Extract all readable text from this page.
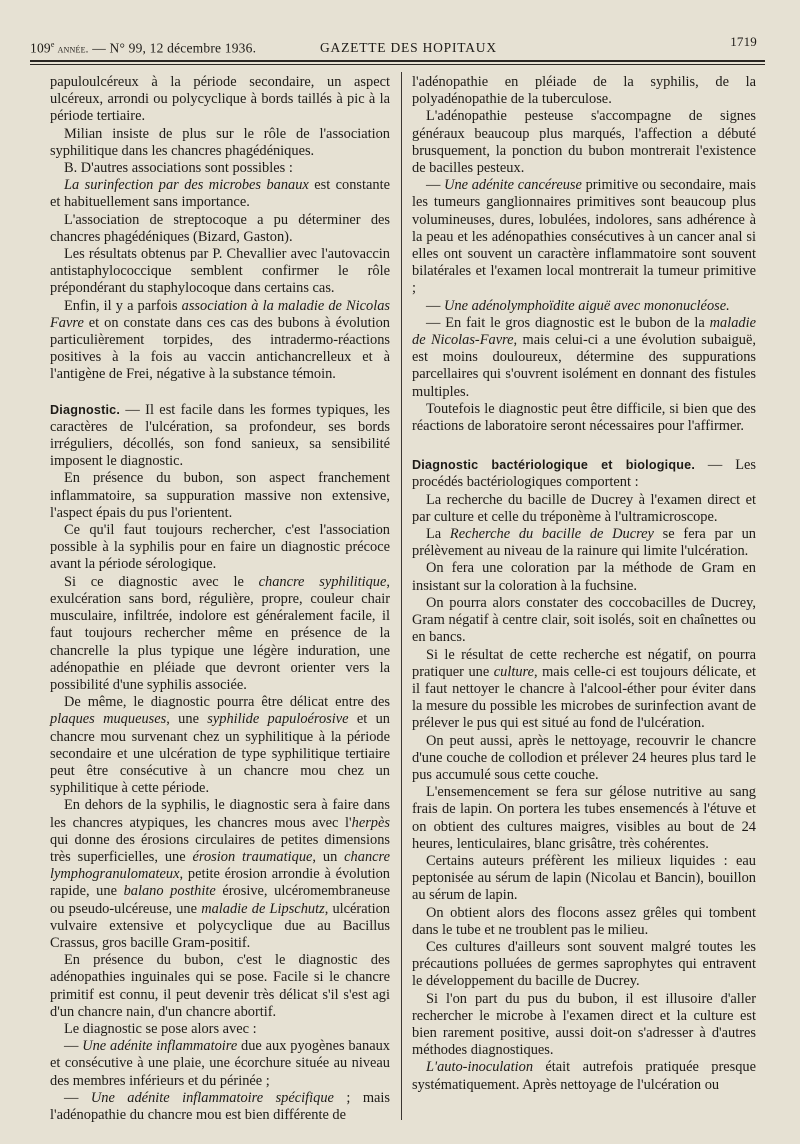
109e année. — N° 99, 12 décembre 1936.	GAZETTE DES HOPITAUX	1719

papuloulcéreux à la période secondaire, un aspect ulcéreux, arrondi ou polycyclique à bords taillés à pic à la période tertiaire.

Milian insiste de plus sur le rôle de l'association syphilitique dans les chancres phagédéniques.

B. D'autres associations sont possibles :

La surinfection par des microbes banaux est constante et habituellement sans importance.

L'association de streptocoque a pu déterminer des chancres phagédéniques (Bizard, Gaston).

Les résultats obtenus par P. Chevallier avec l'autovaccin antistaphylococcique semblent confirmer le rôle prépondérant du staphylocoque dans certains cas.

Enfin, il y a parfois association à la maladie de Nicolas Favre et on constate dans ces cas des bubons à évolution particulièrement torpides, des intradermo-réactions positives à la fois au vaccin antichancrelleux et à l'antigène de Frei, négative à la substance témoin.

Diagnostic. — Il est facile dans les formes typiques, les caractères de l'ulcération, sa profondeur, ses bords irréguliers, décollés, son fond sanieux, sa sensibilité imposent le diagnostic.

En présence du bubon, son aspect franchement inflammatoire, sa suppuration massive non extensive, l'aspect épais du pus l'orientent.

Ce qu'il faut toujours rechercher, c'est l'association possible à la syphilis pour en faire un diagnostic précoce avant la période sérologique.

Si ce diagnostic avec le chancre syphilitique, exulcération sans bord, régulière, propre, couleur chair musculaire, infiltrée, indolore est généralement facile, il faut toujours rechercher même en présence de la chancrelle la plus typique une légère induration, une adénopathie en pléiade que devront orienter vers la possibilité d'une syphilis associée.

De même, le diagnostic pourra être délicat entre des plaques muqueuses, une syphilide papuloérosive et un chancre mou survenant chez un syphilitique à la période secondaire et une ulcération de type syphilitique tertiaire peut être consécutive à un chancre mou chez un syphilitique à cette période.

En dehors de la syphilis, le diagnostic sera à faire dans les chancres atypiques, les chancres mous avec l'herpès qui donne des érosions circulaires de petites dimensions très superficielles, une érosion traumatique, un chancre lymphogranulomateux, petite érosion arrondie à évolution rapide, une balano posthite érosive, ulcéromembraneuse ou pseudo-ulcéreuse, une maladie de Lipschutz, ulcération vulvaire extensive et polycyclique due au Bacillus Crassus, gros bacille Gram-positif.

En présence du bubon, c'est le diagnostic des adénopathies inguinales qui se pose. Facile si le chancre primitif est connu, il peut devenir très délicat s'il s'est agi d'un chancre nain, d'un chancre abortif.

Le diagnostic se pose alors avec :

— Une adénite inflammatoire due aux pyogènes banaux et consécutive à une plaie, une écorchure située au niveau des membres inférieurs et du périnée ;

— Une adénite inflammatoire spécifique ; mais l'adénopathie du chancre mou est bien différente de

l'adénopathie en pléiade de la syphilis, de la polyadénopathie de la tuberculose.

L'adénopathie pesteuse s'accompagne de signes généraux beaucoup plus marqués, l'affection a débuté brusquement, la ponction du bubon montrerait l'existence de bacilles pesteux.

— Une adénite cancéreuse primitive ou secondaire, mais les tumeurs ganglionnaires primitives sont beaucoup plus volumineuses, dures, lobulées, indolores, sans adhérence à la peau et les adénopathies consécutives à un cancer anal si elles ont souvent un caractère inflammatoire sont souvent bilatérales et l'examen local montrerait la tumeur primitive ;

— Une adénolymphoïdite aiguë avec mononucléose.

— En fait le gros diagnostic est le bubon de la maladie de Nicolas-Favre, mais celui-ci a une évolution subaiguë, est moins douloureux, détermine des suppurations parcellaires qui s'ouvrent isolément en donnant des fistules multiples.

Toutefois le diagnostic peut être difficile, si bien que des réactions de laboratoire seront nécessaires pour l'affirmer.

Diagnostic bactériologique et biologique. — Les procédés bactériologiques comportent :

La recherche du bacille de Ducrey à l'examen direct et par culture et celle du tréponème à l'ultramicroscope.

La Recherche du bacille de Ducrey se fera par un prélèvement au niveau de la rainure qui limite l'ulcération.

On fera une coloration par la méthode de Gram en insistant sur la coloration à la fuchsine.

On pourra alors constater des coccobacilles de Ducrey, Gram négatif à centre clair, soit isolés, soit en chaînettes ou en bancs.

Si le résultat de cette recherche est négatif, on pourra pratiquer une culture, mais celle-ci est toujours délicate, et il faut nettoyer le chancre à l'alcool-éther pour éviter dans la mesure du possible les microbes de surinfection avant de prélever le pus qui est situé au fond de l'ulcération.

On peut aussi, après le nettoyage, recouvrir le chancre d'une couche de collodion et prélever 24 heures plus tard le pus accumulé sous cette couche.

L'ensemencement se fera sur gélose nutritive au sang frais de lapin. On portera les tubes ensemencés à l'étuve et on obtient des cultures maigres, visibles au bout de 24 heures, lenticulaires, blanc grisâtre, très cohérentes.

Certains auteurs préfèrent les milieux liquides : eau peptonisée au sérum de lapin (Nicolau et Bancin), bouillon au sérum de lapin.

On obtient alors des flocons assez grêles qui tombent dans le tube et ne troublent pas le milieu.

Ces cultures d'ailleurs sont souvent malgré toutes les précautions polluées de germes saprophytes qui entravent le développement du bacille de Ducrey.

Si l'on part du pus du bubon, il est illusoire d'aller rechercher le microbe à l'examen direct et la culture est bien rarement positive, aussi doit-on s'adresser à d'autres méthodes diagnostiques.

L'auto-inoculation était autrefois pratiquée presque systématiquement. Après nettoyage de l'ulcération ou
